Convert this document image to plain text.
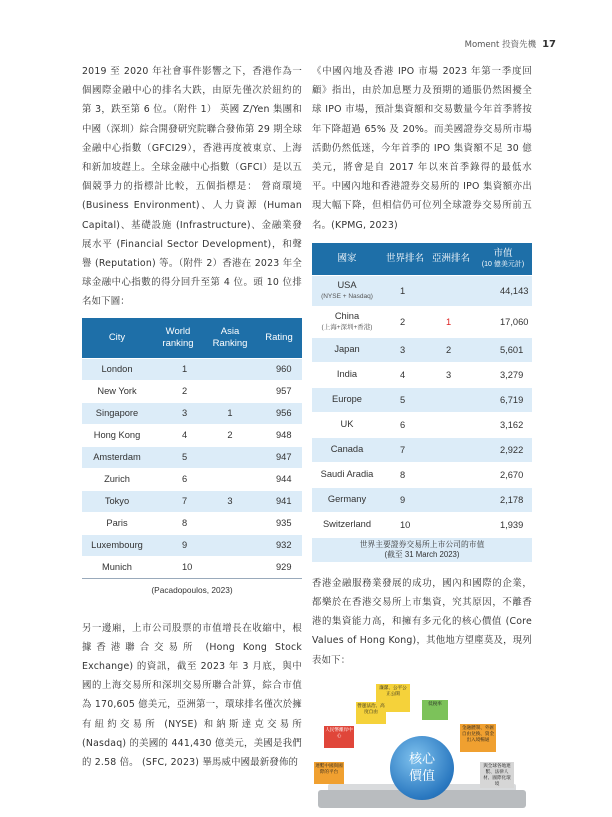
Moment 投資先機 17

2019 至 2020 年社會事件影響之下，香港作為一個國際金融中心的排名大跌，由原先僅次於紐約的第 3，跌至第 6 位。（附件 1） 英國 Z/Yen 集團和中國（深圳）綜合開發研究院聯合發佈第 29 期全球金融中心指數（GFCI29），香港再度被東京、上海和新加坡趕上。全球金融中心指數（GFCI）是以五個競爭力的指標計比較，五個指標是： 營商環境 (Business Environment)、人力資源 (Human Capital)、基礎設施 (Infrastructure)、金融業發展水平 (Financial Sector Development)，和聲譽 (Reputation) 等。（附件 2）香港在 2023 年全球金融中心指數的得分回升至第 4 位。頭 10 位排名如下圖：

City	World ranking	Asia Ranking	Rating
London	1		960
New York	2		957
Singapore	3	1	956
Hong Kong	4	2	948
Amsterdam	5		947
Zurich	6		944
Tokyo	7	3	941
Paris	8		935
Luxembourg	9		932
Munich	10		929
(Pacadopoulos, 2023)			

另一邊廂，上市公司股票的市值增長在收縮中，根據香港聯合交易所 (Hong Kong Stock Exchange) 的資訊，截至 2023 年 3 月底，與中國的上海交易所和深圳交易所聯合計算，綜合市值為 170,605 億美元，亞洲第一，環球排名僅次於擁有紐約交易所 (NYSE) 和納斯達克交易所 (Nasdaq) 的美國的 441,430 億美元，美國是我們的 2.58 倍。 (SFC, 2023) 畢馬威中國最新發佈的

《中國內地及香港 IPO 市場 2023 年第一季度回顧》指出，由於加息壓力及預期的通脹仍然困擾全球 IPO 市場，預計集資額和交易數量今年首季將按年下降超過 65% 及 20%。而美國證券交易所市場活動仍然低迷，今年首季的 IPO 集資額不足 30 億美元，將會是自 2017 年以來首季錄得的最低水平。中國內地和香港證券交易所的 IPO 集資額亦出現大幅下降，但相信仍可位列全球證券交易所前五名。(KPMG, 2023)

國家	世界排名	亞洲排名	市值
(10 億美元計)

USA
(NYSE + Nasdaq)	1		44,143
China
(上海+深圳+香港)	2	1	17,060
Japan	3	2	5,601
India	4	3	3,279
Europe	5		6,719
UK	6		3,162
Canada	7		2,922
Saudi Aradia	8		2,670
Germany	9		2,178
Switzerland	10		1,939

世界主要證券交易所上市公司的市值
(截至 31 March 2023)			

香港金融服務業發展的成功，國內和國際的企業，都樂於在香港交易所上市集資，究其原因，不離香港的集資能力高，和擁有多元化的核心價值 (Core Values of Hong Kong)，其他地方望塵莫及，現列表如下：

廉潔、公平公正公開
營運法治、高度自由
低稅率
人民幣離岸中心
金融體制、外匯自由兌換、資金出入境暢通
連繫中國與國際的平台
與全球各地連繫、法律人材、國際化環境
核心
價值
